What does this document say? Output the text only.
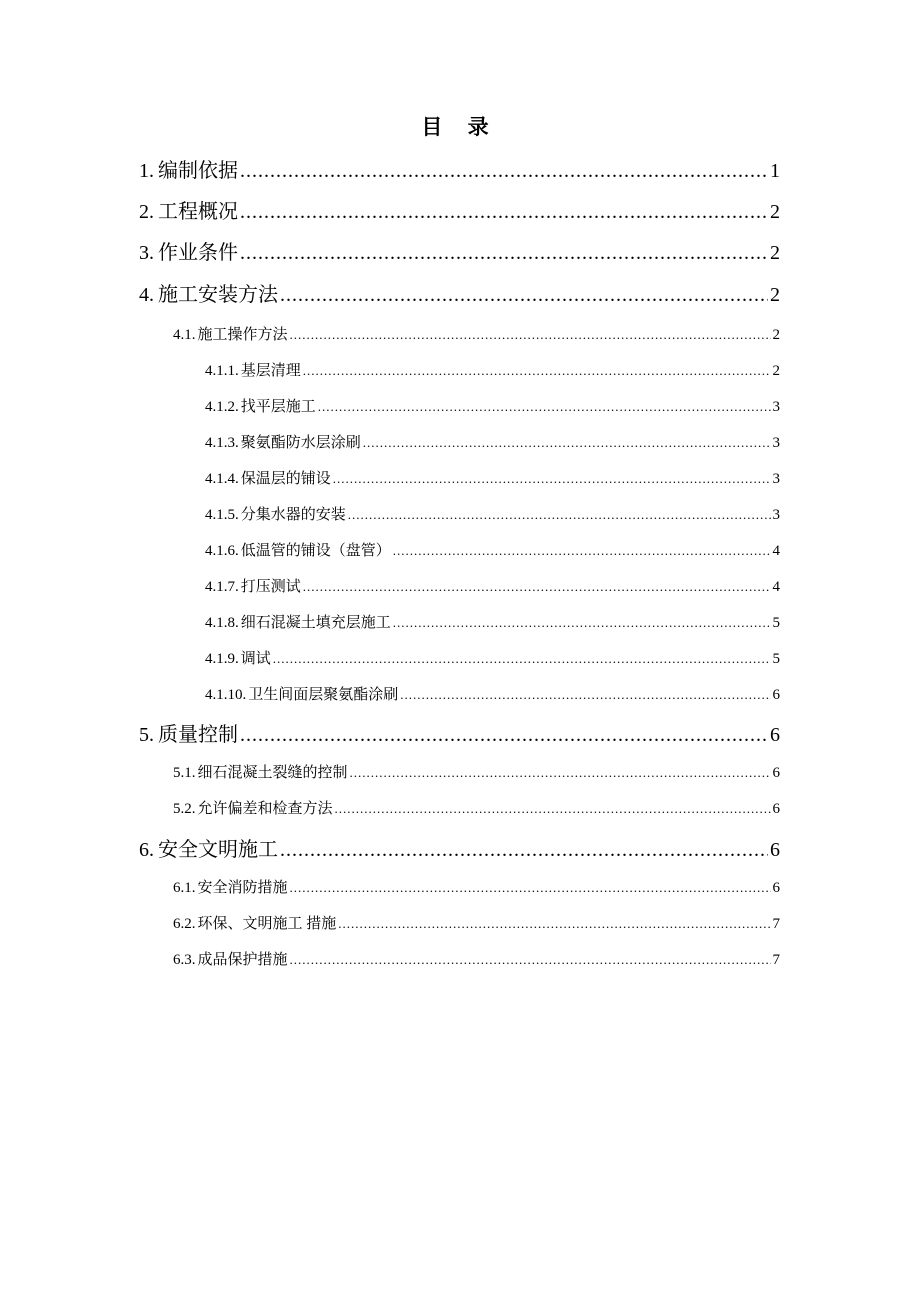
目 录
1. 编制依据 .....	1
2. 工程概况 .....	2
3. 作业条件 .....	2
4. 施工安装方法 .....	2
4.1. 施工操作方法 .....	2
4.1.1. 基层清理 .....	2
4.1.2. 找平层施工 .....	3
4.1.3. 聚氨酯防水层涂刷 .....	3
4.1.4. 保温层的铺设 .....	3
4.1.5. 分集水器的安装 .....	3
4.1.6. 低温管的铺设（盘管） .....	4
4.1.7. 打压测试 .....	4
4.1.8. 细石混凝土填充层施工 .....	5
4.1.9. 调试 .....	5
4.1.10. 卫生间面层聚氨酯涂刷 .....	6
5. 质量控制 .....	6
5.1. 细石混凝土裂缝的控制 .....	6
5.2. 允许偏差和检查方法 .....	6
6. 安全文明施工 .....	6
6.1. 安全消防措施 .....	6
6.2. 环保、文明施工 措施 .....	7
6.3. 成品保护措施 .....	7
